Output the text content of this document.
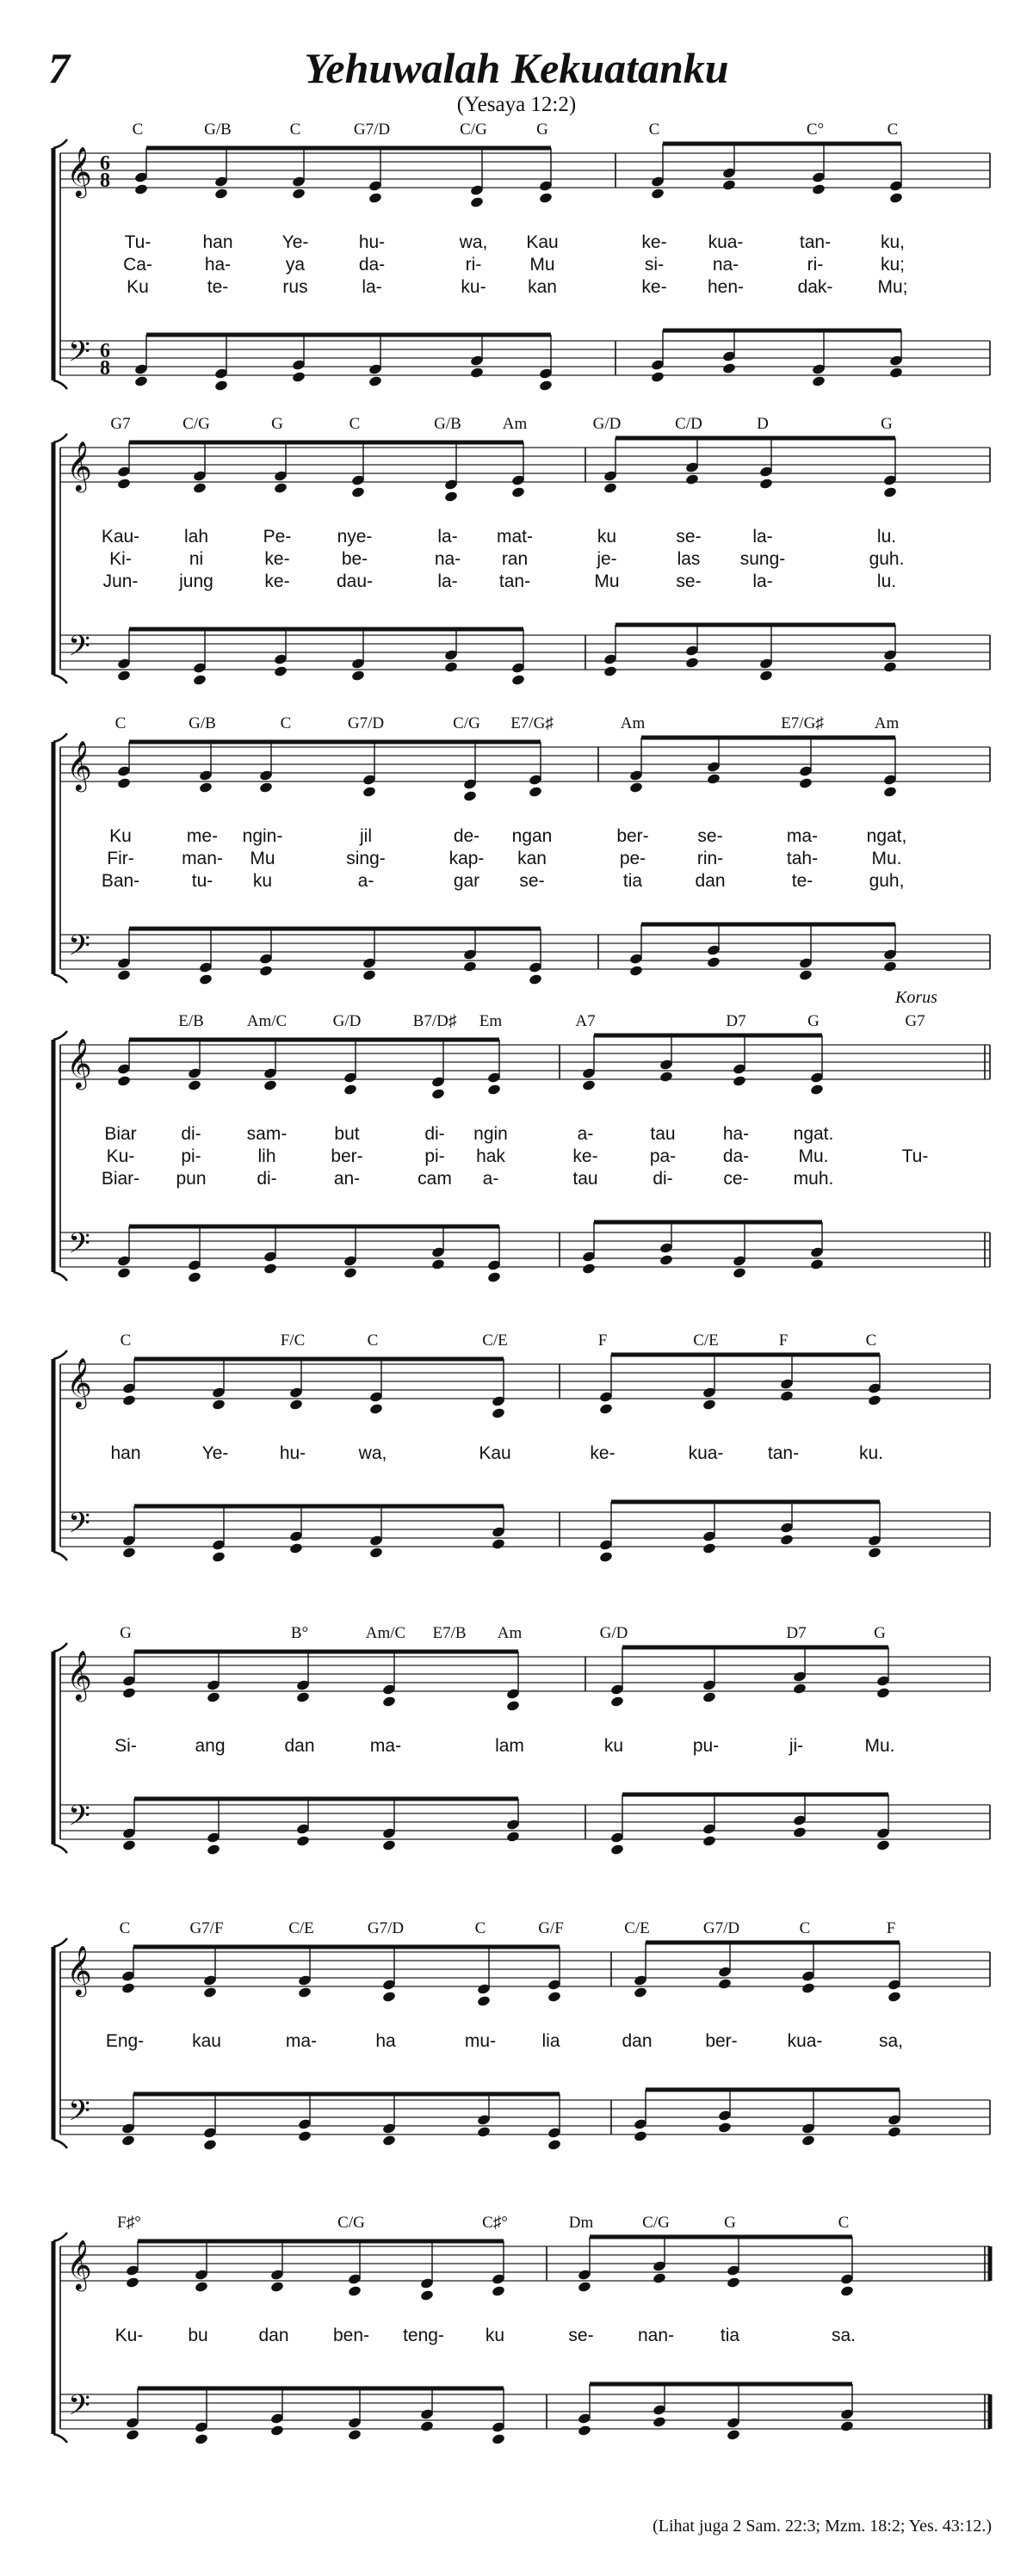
7	Yehuwalah Kekuatanku
(Yesaya 12:2)
Korus
(Lihat juga 2 Sam. 22:3; Mzm. 18:2; Yes. 43:12.)
𝄞
𝄢
6
8
6
8
C	G/B	C	G7/D	C/G	G	C	C°	C
Tu-	han	Ye-	hu-	wa, Kau	ke- kua-	tan-	ku,
Ca-	ha-	ya	da-	ri-	Mu	si-	na-	ri-	ku;
Ku	te-	rus	la-	ku- kan	ke- hen-	dak- Mu;
𝄞
𝄢
G7	C/G	G	C	G/B	Am	G/D	C/D	D	G
Kau- lah	Pe-	nye-	la- mat-	ku	se-	la-	lu.
Ki-	ni	ke-	be-	na- ran	je-	las sung-	guh.
Jun- jung	ke-	dau-	la- tan-	Mu	se-	la-	lu.
𝄞
𝄢
C	G/B	C	G7/D	C/G E7/G♯	Am	E7/G♯	Am
Ku	me- ngin-	jil	de- ngan	ber-	se-	ma-	ngat,
Fir-	man- Mu	sing-	kap- kan	pe-	rin-	tah-	Mu.
Ban-	tu- ku	a-	gar se-	tia	dan	te-	guh,
𝄞
𝄢
E/B	Am/C	G/D	B7/D♯ Em	A7	D7	G	G7
Biar di-	sam-	but	di- ngin	a-	tau	ha- ngat.
Ku-	pi-	lih	ber-	pi- hak	ke-	pa-	da-	Mu.	Tu-
Biar- pun	di-	an-	cam a-	tau	di-	ce- muh.
𝄞
𝄢
C	F/C	C	C/E	F	C/E	F	C
han	Ye-	hu-	wa,	Kau	ke-	kua- tan-	ku.
𝄞
𝄢
G	B°	Am/C E7/B Am	G/D	D7	G
Si-	ang	dan	ma-	lam	ku	pu-	ji-	Mu.
𝄞
𝄢
C	G7/F	C/E	G7/D	C	G/F	C/E	G7/D	C	F
Eng-	kau	ma-	ha	mu-	lia	dan	ber-	kua-	sa,
𝄞
𝄢
F♯°	C/G	C♯°	Dm	C/G	G	C
Ku- bu	dan ben- teng- ku	se- nan-	tia	sa.
